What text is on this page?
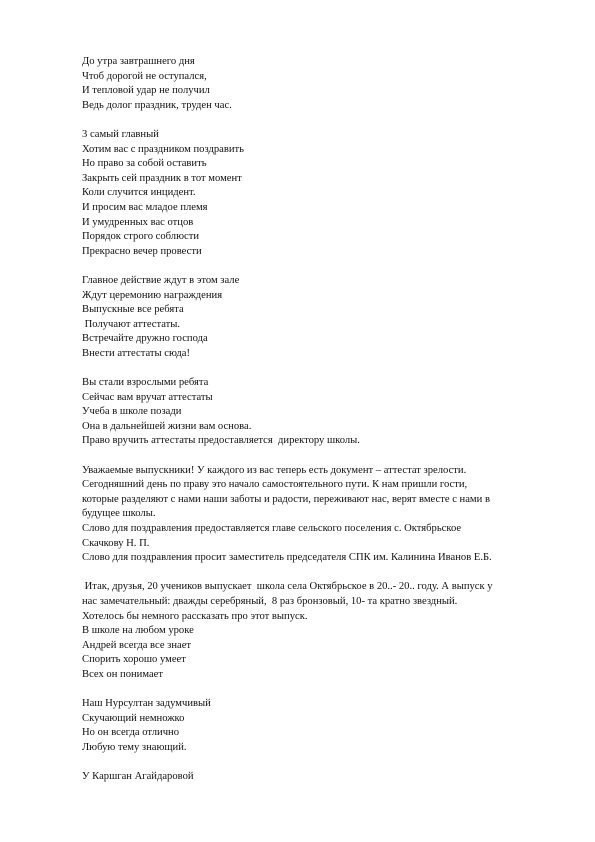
До утра завтрашнего дня
Чтоб дорогой не оступался,
И тепловой удар не получил
Ведь долог праздник, труден час.
3 самый главный
Хотим вас с праздником поздравить
Но право за собой оставить
Закрыть сей праздник в тот момент
Коли случится инцидент.
И просим вас младое племя
И умудренных вас отцов
Порядок строго соблюсти
Прекрасно вечер провести
Главное действие ждут в этом зале
Ждут церемонию награждения
Выпускные все ребята
Получают аттестаты.
Встречайте дружно господа
Внести аттестаты сюда!
Вы стали взрослыми ребята
Сейчас вам вручат аттестаты
Учеба в школе позади
Она в дальнейшей жизни вам основа.
Право вручить аттестаты предоставляется  директору школы.
Уважаемые выпускники! У каждого из вас теперь есть документ – аттестат зрелости.
Сегодняшний день по праву это начало самостоятельного пути. К нам пришли гости,
которые разделяют с нами наши заботы и радости, переживают нас, верят вместе с нами в
будущее школы.
Слово для поздравления предоставляется главе сельского поселения с. Октябрьское
Скачкову Н. П.
Слово для поздравления просит заместитель председателя СПК им. Калинина Иванов Е.Б.
Итак, друзья, 20 учеников выпускает  школа села Октябрьское в 20..- 20.. году. А выпуск у
нас замечательный: дважды серебряный,  8 раз бронзовый, 10- та кратно звездный.
Хотелось бы немного рассказать про этот выпуск.
В школе на любом уроке
Андрей всегда все знает
Спорить хорошо умеет
Всех он понимает
Наш Нурсултан задумчивый
Скучающий немножко
Но он всегда отлично
Любую тему знающий.
У Каршган Агайдаровой
